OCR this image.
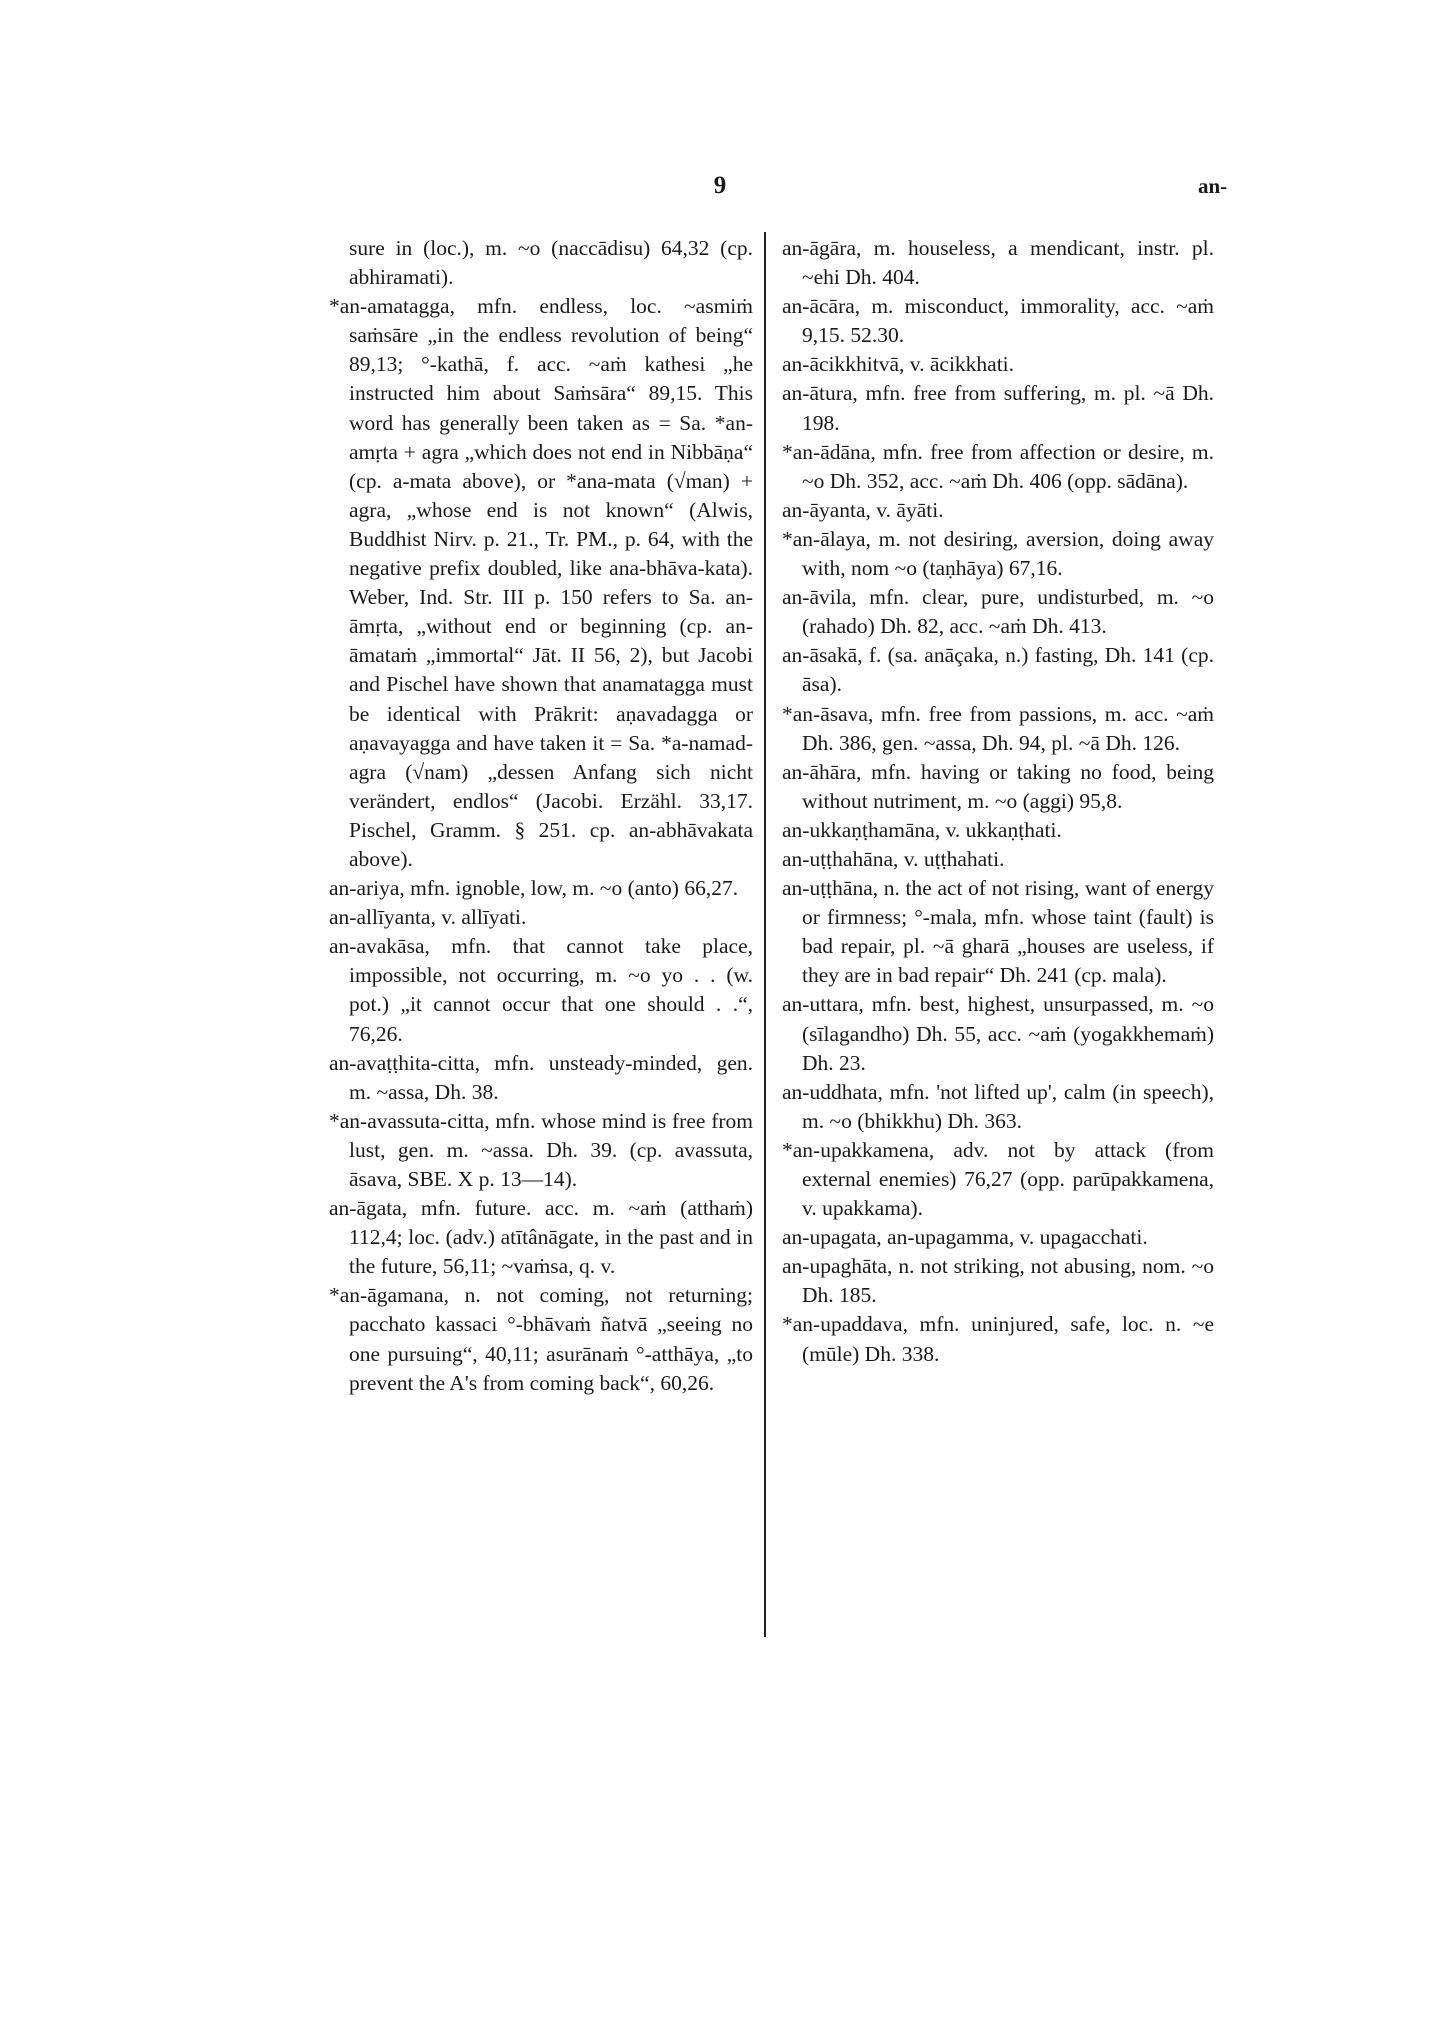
9	an-

sure in (loc.), m. ~o (naccādisu) 64,32 (cp. abhiramati).

*an-amatagga, mfn. endless, loc. ~asmiṁ saṁsāre „in the endless revolution of being“ 89,13; °-kathā, f. acc. ~aṁ kathesi „he instructed him about Saṁsāra“ 89,15. This word has generally been taken as = Sa. *an-amṛta + agra „which does not end in Nibbāṇa“ (cp. a-mata above), or *ana-mata (√man) + agra, „whose end is not known“ (Alwis, Buddhist Nirv. p. 21., Tr. PM., p. 64, with the negative prefix doubled, like ana-bhāva-kata). Weber, Ind. Str. III p. 150 refers to Sa. an-āmṛta, „without end or beginning (cp. an-āmataṁ „immortal“ Jāt. II 56, 2), but Jacobi and Pischel have shown that anamatagga must be identical with Prākrit: aṇavadagga or aṇavayagga and have taken it = Sa. *a-namad-agra (√nam) „dessen Anfang sich nicht verändert, endlos“ (Jacobi. Erzähl. 33,17. Pischel, Gramm. § 251. cp. an-abhāvakata above).

an-ariya, mfn. ignoble, low, m. ~o (anto) 66,27.

an-allīyanta, v. allīyati.

an-avakāsa, mfn. that cannot take place, impossible, not occurring, m. ~o yo . . (w. pot.) „it cannot occur that one should . .“, 76,26.

an-avaṭṭhita-citta, mfn. unsteady-minded, gen. m. ~assa, Dh. 38.

*an-avassuta-citta, mfn. whose mind is free from lust, gen. m. ~assa. Dh. 39. (cp. avassuta, āsava, SBE. X p. 13—14).

an-āgata, mfn. future. acc. m. ~aṁ (atthaṁ) 112,4; loc. (adv.) atītânāgate, in the past and in the future, 56,11; ~vaṁsa, q. v.

*an-āgamana, n. not coming, not returning; pacchato kassaci °-bhāvaṁ ñatvā „seeing no one pursuing“, 40,11; asurānaṁ °-atthāya, „to prevent the A's from coming back“, 60,26.

an-āgāra, m. houseless, a mendicant, instr. pl. ~ehi Dh. 404.

an-ācāra, m. misconduct, immorality, acc. ~aṁ 9,15. 52.30.

an-ācikkhitvā, v. ācikkhati.

an-ātura, mfn. free from suffering, m. pl. ~ā Dh. 198.

*an-ādāna, mfn. free from affection or desire, m. ~o Dh. 352, acc. ~aṁ Dh. 406 (opp. sādāna).

an-āyanta, v. āyāti.

*an-ālaya, m. not desiring, aversion, doing away with, nom ~o (taṇhāya) 67,16.

an-āvila, mfn. clear, pure, undisturbed, m. ~o (rahado) Dh. 82, acc. ~aṁ Dh. 413.

an-āsakā, f. (sa. anāçaka, n.) fasting, Dh. 141 (cp. āsa).

*an-āsava, mfn. free from passions, m. acc. ~aṁ Dh. 386, gen. ~assa, Dh. 94, pl. ~ā Dh. 126.

an-āhāra, mfn. having or taking no food, being without nutriment, m. ~o (aggi) 95,8.

an-ukkaṇṭhamāna, v. ukkaṇṭhati.

an-uṭṭhahāna, v. uṭṭhahati.

an-uṭṭhāna, n. the act of not rising, want of energy or firmness; °-mala, mfn. whose taint (fault) is bad repair, pl. ~ā gharā „houses are useless, if they are in bad repair“ Dh. 241 (cp. mala).

an-uttara, mfn. best, highest, unsurpassed, m. ~o (sīlagandho) Dh. 55, acc. ~aṁ (yogakkhemaṁ) Dh. 23.

an-uddhata, mfn. 'not lifted up', calm (in speech), m. ~o (bhikkhu) Dh. 363.

*an-upakkamena, adv. not by attack (from external enemies) 76,27 (opp. parūpakkamena, v. upakkama).

an-upagata, an-upagamma, v. upagacchati.

an-upaghāta, n. not striking, not abusing, nom. ~o Dh. 185.

*an-upaddava, mfn. uninjured, safe, loc. n. ~e (mūle) Dh. 338.
